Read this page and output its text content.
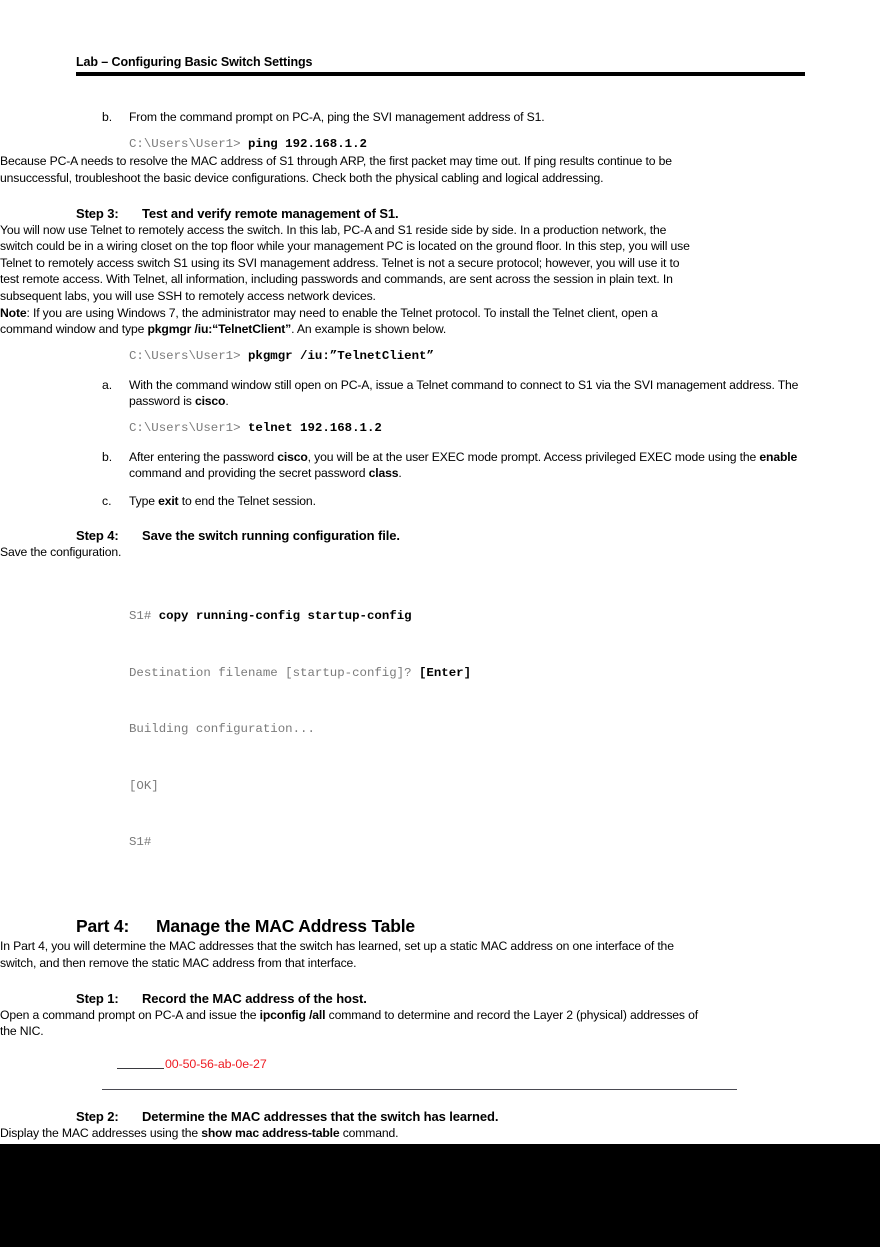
Lab – Configuring Basic Switch Settings
b.	From the command prompt on PC-A, ping the SVI management address of S1.
C:\Users\User1> ping 192.168.1.2
Because PC-A needs to resolve the MAC address of S1 through ARP, the first packet may time out. If ping results continue to be unsuccessful, troubleshoot the basic device configurations. Check both the physical cabling and logical addressing.
Step 3:	Test and verify remote management of S1.
You will now use Telnet to remotely access the switch. In this lab, PC-A and S1 reside side by side. In a production network, the switch could be in a wiring closet on the top floor while your management PC is located on the ground floor. In this step, you will use Telnet to remotely access switch S1 using its SVI management address. Telnet is not a secure protocol; however, you will use it to test remote access. With Telnet, all information, including passwords and commands, are sent across the session in plain text. In subsequent labs, you will use SSH to remotely access network devices.
Note: If you are using Windows 7, the administrator may need to enable the Telnet protocol. To install the Telnet client, open a command window and type pkgmgr /iu:“TelnetClient”. An example is shown below.
C:\Users\User1> pkgmgr /iu:”TelnetClient”
a.	With the command window still open on PC-A, issue a Telnet command to connect to S1 via the SVI management address. The password is cisco.
C:\Users\User1> telnet 192.168.1.2
b.	After entering the password cisco, you will be at the user EXEC mode prompt. Access privileged EXEC mode using the enable command and providing the secret password class.
c.	Type exit to end the Telnet session.
Step 4:	Save the switch running configuration file.
Save the configuration.

S1# copy running-config startup-config

Destination filename [startup-config]? [Enter]

Building configuration...

[OK]

S1#

Part 4:	Manage the MAC Address Table
In Part 4, you will determine the MAC addresses that the switch has learned, set up a static MAC address on one interface of the switch, and then remove the static MAC address from that interface.
Step 1:	Record the MAC address of the host.
Open a command prompt on PC-A and issue the ipconfig /all command to determine and record the Layer 2 (physical) addresses of the NIC.
00-50-56-ab-0e-27
Step 2:	Determine the MAC addresses that the switch has learned.
Display the MAC addresses using the show mac address-table command.
